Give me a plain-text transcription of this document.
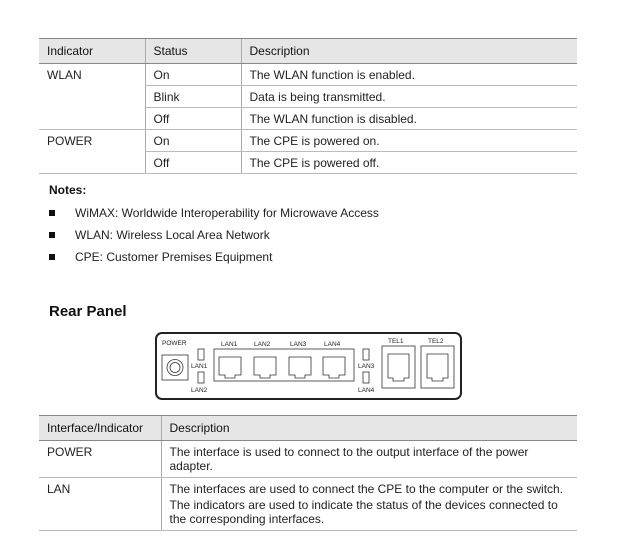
Indicator	Status	Description
WLAN	On	The WLAN function is enabled.
	Blink	Data is being transmitted.
	Off	The WLAN function is disabled.
POWER	On	The CPE is powered on.
	Off	The CPE is powered off.
Notes:
WiMAX: Worldwide Interoperability for Microwave Access
WLAN: Wireless Local Area Network
CPE: Customer Premises Equipment
Rear Panel
POWER
LAN1
LAN2
LAN1	LAN2	LAN3	LAN4
LAN3
LAN4
TEL1	TEL2
Interface/Indicator	Description
POWER	The interface is used to connect to the output interface of the power adapter.

LAN	The interfaces are used to connect the CPE to the computer or the switch.
The indicators are used to indicate the status of the devices connected to the corresponding interfaces.
